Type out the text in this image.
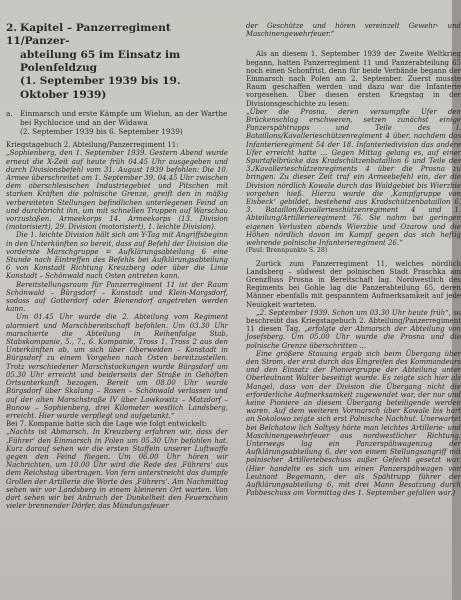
2. Kapitel – Panzerregiment 11/Panzer-
abteilung 65 im Einsatz im Polenfeldzug
(1. September 1939 bis 19. Oktober 1939)
a.	Einmarsch und erste Kämpfe um Wielun, an der Warthe bei Rychlocice und an der Widawa
(2. September 1939 bis 6. September 1939)

Kriegstagebuch 2. Abteilung/Panzerregiment 11:
„Sophienberg, den 1. September 1939. Gestern Abend wurde erneut die X-Zeit auf heute früh 04.45 Uhr ausgegeben und durch Divisionsbefehl vom 31. August 1939 befohlen: Die 10. Armee überschreitet am 1. September 39, 04.45 Uhr zwischen dem oberschlesischen Industriegebiet und Pitschen mit starken Kräften die polnische Grenze, greift den in mäßig verbereiteten Stellungen befindlichen unterlegenen Feind an und durchbricht ihn, um mit schnellen Truppen auf Warschau vorzustoßen. Armeekorps 14. Armeekorps (13. Division (motorisiert), 29. Division (motorisiert), 1. leichte Division).

Die 1. leichte Division hält sich am Y-Tag mit Angriffsbeginn in den Unterkünften so bereit, dass auf Befehl der Division die vorderste Marschgruppe = Aufklärungsabteilung 6 eine Stunde nach Eintreffen des Befehls bei Aufklärungsabteilung 6 von Konstadt Richtung Kreuzberg oder über die Linie Konstadt – Schönwald nach Osten antreten kann.

Bereitstellungsraum für Panzerregiment 11 ist der Raum Schönwald – Bürgsdorf – Konstadt und Klein-Margsdorf, sodass auf Gotterdorf oder Bienendorf angetreten werden kann.

Um 01.45 Uhr wurde die 2. Abteilung vom Regiment alarmiert und Marschbereitschaft befohlen. Um 03.30 Uhr marschierte die Abteilung in Reihenfolge Stab, Stabskompanie, 5., 7., 6. Kompanie, Tross 1, Tross 2 aus den Unterkünften ab, um sich über Oberweiden – Konstadt in Bürgsdorf zu einem Vorgehen nach Osten bereitzustellen. Trotz verschiedener Marschstockungen wurde Bürgsdorf um 05.30 Uhr erreicht und beiderseits der Straße in Gehöften Ortsunterkunft bezogen. Bereit um 08.00 Uhr wurde Bürgsdorf über Skalung – Rosen – Schönwald verlassen und auf der alten Marschstraße IV über Lowkowitz – Matzdorf – Bunow – Sophienberg, drei Kilometer westlich Landsberg, erreicht. Hier wurde verpflegt und aufgetankt.“

Bei 7. Kompanie hatte sich die Lage wie folgt entwickelt:
„Nachts ist Abmarsch. In Kreuzberg erfahren wir, dass der ‚Führer‘ den Einmarsch in Polen um 05.30 Uhr befohlen hat. Kurz darauf sehen wir die ersten Staffeln unserer Luftwaffe gegen den Feind fliegen. Um 06.00 Uhr hören wir Nachrichten, um 10.00 Uhr wird die Rede des ‚Führers‘ aus dem Reichstag übertragen. Von fern unterstreicht das dumpfe Grollen der Artillerie die Worte des ‚Führers‘. Am Nachmittag sehen wir vor Landsberg in einem kleineren Ort warten. Von dort sehen wir bei Anbruch der Dunkelheit den Feuerschein vieler brennender Dörfer, das Mündungsfeuer

der Geschütze und hören vereinzelt Gewehr- und Maschinengewehrfeuer.“

Als an diesem 1. September 1939 der Zweite Weltkrieg begann, hatten Panzerregiment 11 und Panzerabteilung 65 noch einen Schonfrist, denn für beide Verbände begann der Einmarsch nach Polen am 2. September. Zuerst musste Raum geschaffen werden und dazu war die Infanterie vorgesehen. Über diesen ersten Kriegstag in der Divisionsgeschichte zu lesen:

„Über die Prosna, deren versumpfte Ufer den Brückenschlag erschweren, setzen zunächst einige Panzerspähtrupps und Teile des I. Bataillons/Kavallerieschützenregiment 4 über, nachdem das Infanterieregiment 54 der 18. Infanteriedivision das andere Ufer erreicht hatte … Gegen Mittag gelang es, auf einer Spurtafelbrücke das Kradschützenbataillon 6 und Teile des 3./Kavallerieschützenregiments 4 über die Prosna zu bringen. Zu dieser Zeit traf ein Armeebefehl ein, der die Division nördlich Kowale durch das Waldgebiet bis Wierzbie vorgehen hieß. Hierzu wurde die ‚Kampfgruppe von Eisbeck‘ gebildet, bestehend aus Kradschützenbataillon 6, 3. Bataillon/Kavallerieschützenregiment 4 und 1. Abteilung/Artillerieregiment 76. Sie nahm bei geringen eigenen Verlusten abends Wierzbie und Ozarow und die Höhen nördlich davon im Kampf gegen das sich heftig wehrende polnische Infanterieregiment 26.“

(Paul: Brennpunkte S. 28)

Zurück zum Panzerregiment 11, welches nördlich Landsberg – südwest der polnischen Stadt Praschka am Grenzfluss Prosna in Bereitschaft lag. Nordwestlich des Regiments bei Gohle lag die Panzerabteilung 65, deren Männer ebenfalls mit gespanntem Aufmerksamkeit auf jede Neuigkeit warteten.

„2. September 1939. Schon um 03.30 Uhr heute früh“, so beschreibt das Kriegstagebuch 2. Abteilung/Panzerregiment 11 diesen Tag, „erfolgte der Abmarsch der Abteilung von Josefsberg. Um 05.00 Uhr wurde die Prosna und die polnische Grenze überschritten …

Eine größere Stauung ergab sich beim Übergang über den Strom, der erst durch das Eingreifen des Kommandeurs und den Einsatz der Pioniergruppe der Abteilung unter Oberleutnant Walter beseitigt wurde. Es zeigte sich hier als Mangel, dass von der Division die Übergang nicht die erforderliche Aufmerksamkeit zugewendet war, der nur und keine Pioniere an diesem Übergang beteiligende werden waren. Auf dem weiteren Vormarsch über Kowale bis hart an Sokolowo zeigte sich erst Polnische Nachhut. Unerwartet bei Belchatow lich Soltysy hörte man leichtes Artillerie- und Maschinengewehrfeuer aus nordwestlicher Richtung. Unterwegs lag ein Panzerspähwagenzug der Aufklärungsabteilung 6, der von einem Stellungsangriff mit polnischer Artilleriebeschuss außer Gefecht gesetzt war. (Hier handelte es sich um einen Panzerspähwagen von Leutnant Begemann, der als Spähtrupp führer der Aufklärungsabteilung 6, mit drei Mann Besatzung durch Pabbeschuss am Vormittag des 1. September gefallen war.)
